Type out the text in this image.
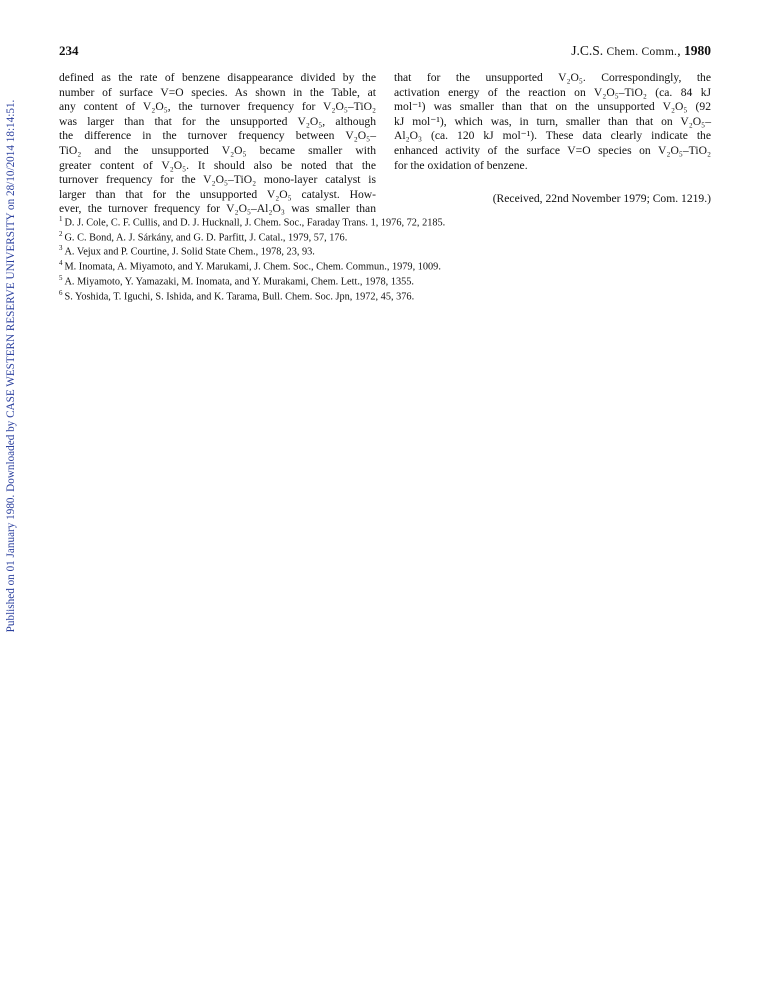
Published on 01 January 1980. Downloaded by CASE WESTERN RESERVE UNIVERSITY on 28/10/2014 18:14:51.
234	J.C.S. Chem. Comm., 1980
defined as the rate of benzene disappearance divided by the
number of surface V=O species. As shown in the Table, at
any content of V₂O₅, the turnover frequency for V₂O₅–TiO₂
was larger than that for the unsupported V₂O₅, although
the difference in the turnover frequency between V₂O₅–
TiO₂ and the unsupported V₂O₅ became smaller with
greater content of V₂O₅. It should also be noted that the
turnover frequency for the V₂O₅–TiO₂ mono-layer catalyst is
larger than that for the unsupported V₂O₅ catalyst. How-
ever, the turnover frequency for V₂O₅–Al₂O₃ was smaller than
that for the unsupported V₂O₅. Correspondingly, the
activation energy of the reaction on V₂O₅–TiO₂ (ca. 84 kJ
mol⁻¹) was smaller than that on the unsupported V₂O₅ (92
kJ mol⁻¹), which was, in turn, smaller than that on V₂O₅–
Al₂O₃ (ca. 120 kJ mol⁻¹). These data clearly indicate the
enhanced activity of the surface V=O species on V₂O₅–TiO₂
for the oxidation of benzene.
(Received, 22nd November 1979; Com. 1219.)
$^1$ D. J. Cole, C. F. Cullis, and D. J. Hucknall, J. Chem. Soc., Faraday Trans. 1, 1976, 72, 2185.
$^2$ G. C. Bond, A. J. Sárkány, and G. D. Parfitt, J. Catal., 1979, 57, 176.
$^3$ A. Vejux and P. Courtine, J. Solid State Chem., 1978, 23, 93.
$^4$ M. Inomata, A. Miyamoto, and Y. Marukami, J. Chem. Soc., Chem. Commun., 1979, 1009.
$^5$ A. Miyamoto, Y. Yamazaki, M. Inomata, and Y. Murakami, Chem. Lett., 1978, 1355.
$^6$ S. Yoshida, T. Iguchi, S. Ishida, and K. Tarama, Bull. Chem. Soc. Jpn, 1972, 45, 376.
